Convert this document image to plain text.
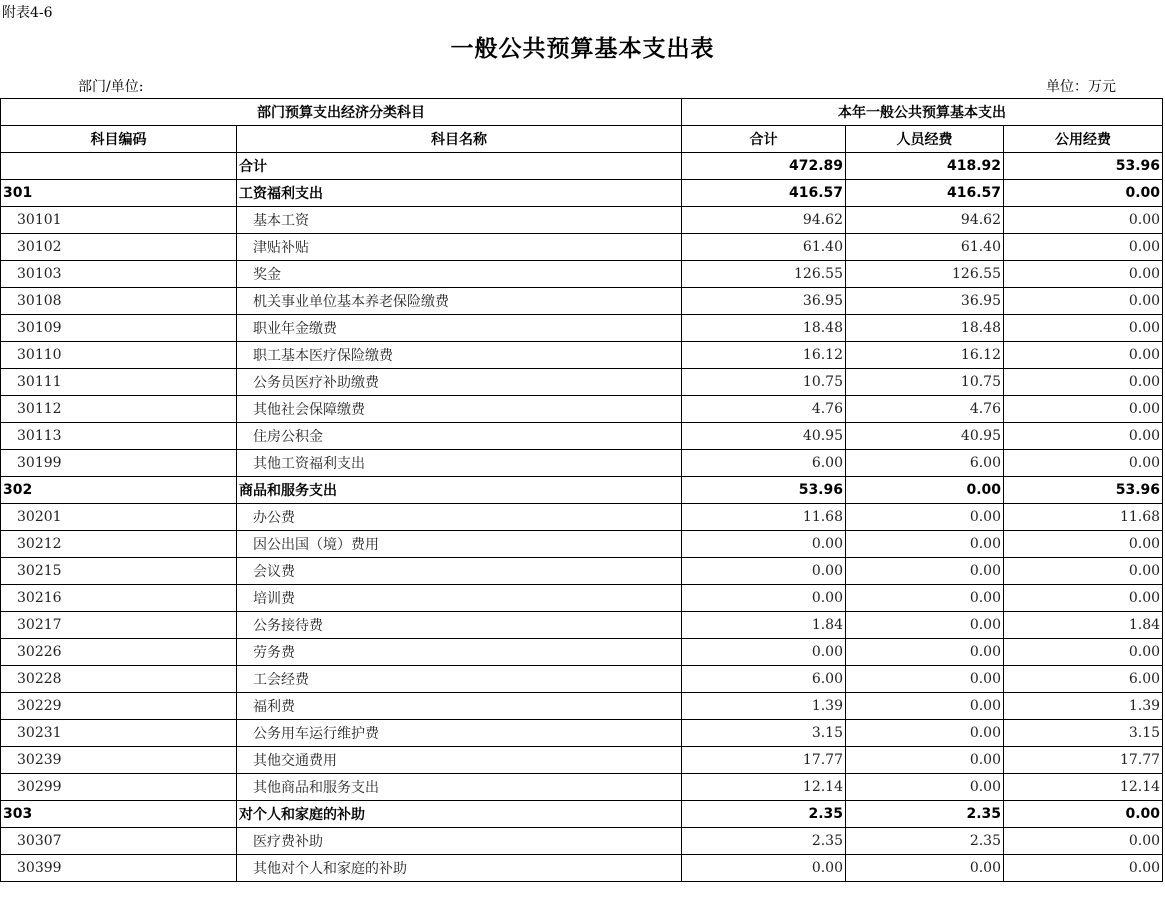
附表4-6
一般公共预算基本支出表
部门/单位:	单位：万元
部门预算支出经济分类科目		本年一般公共预算基本支出		
科目编码	科目名称	合计	人员经费	公用经费
	合计	472.89	418.92	53.96
301	工资福利支出	416.57	416.57	0.00
30101	基本工资	94.62	94.62	0.00
30102	津贴补贴	61.40	61.40	0.00
30103	奖金	126.55	126.55	0.00
30108	机关事业单位基本养老保险缴费	36.95	36.95	0.00
30109	职业年金缴费	18.48	18.48	0.00
30110	职工基本医疗保险缴费	16.12	16.12	0.00
30111	公务员医疗补助缴费	10.75	10.75	0.00
30112	其他社会保障缴费	4.76	4.76	0.00
30113	住房公积金	40.95	40.95	0.00
30199	其他工资福利支出	6.00	6.00	0.00
302	商品和服务支出	53.96	0.00	53.96
30201	办公费	11.68	0.00	11.68
30212	因公出国（境）费用	0.00	0.00	0.00
30215	会议费	0.00	0.00	0.00
30216	培训费	0.00	0.00	0.00
30217	公务接待费	1.84	0.00	1.84
30226	劳务费	0.00	0.00	0.00
30228	工会经费	6.00	0.00	6.00
30229	福利费	1.39	0.00	1.39
30231	公务用车运行维护费	3.15	0.00	3.15
30239	其他交通费用	17.77	0.00	17.77
30299	其他商品和服务支出	12.14	0.00	12.14
303	对个人和家庭的补助	2.35	2.35	0.00
30307	医疗费补助	2.35	2.35	0.00
30399	其他对个人和家庭的补助	0.00	0.00	0.00
